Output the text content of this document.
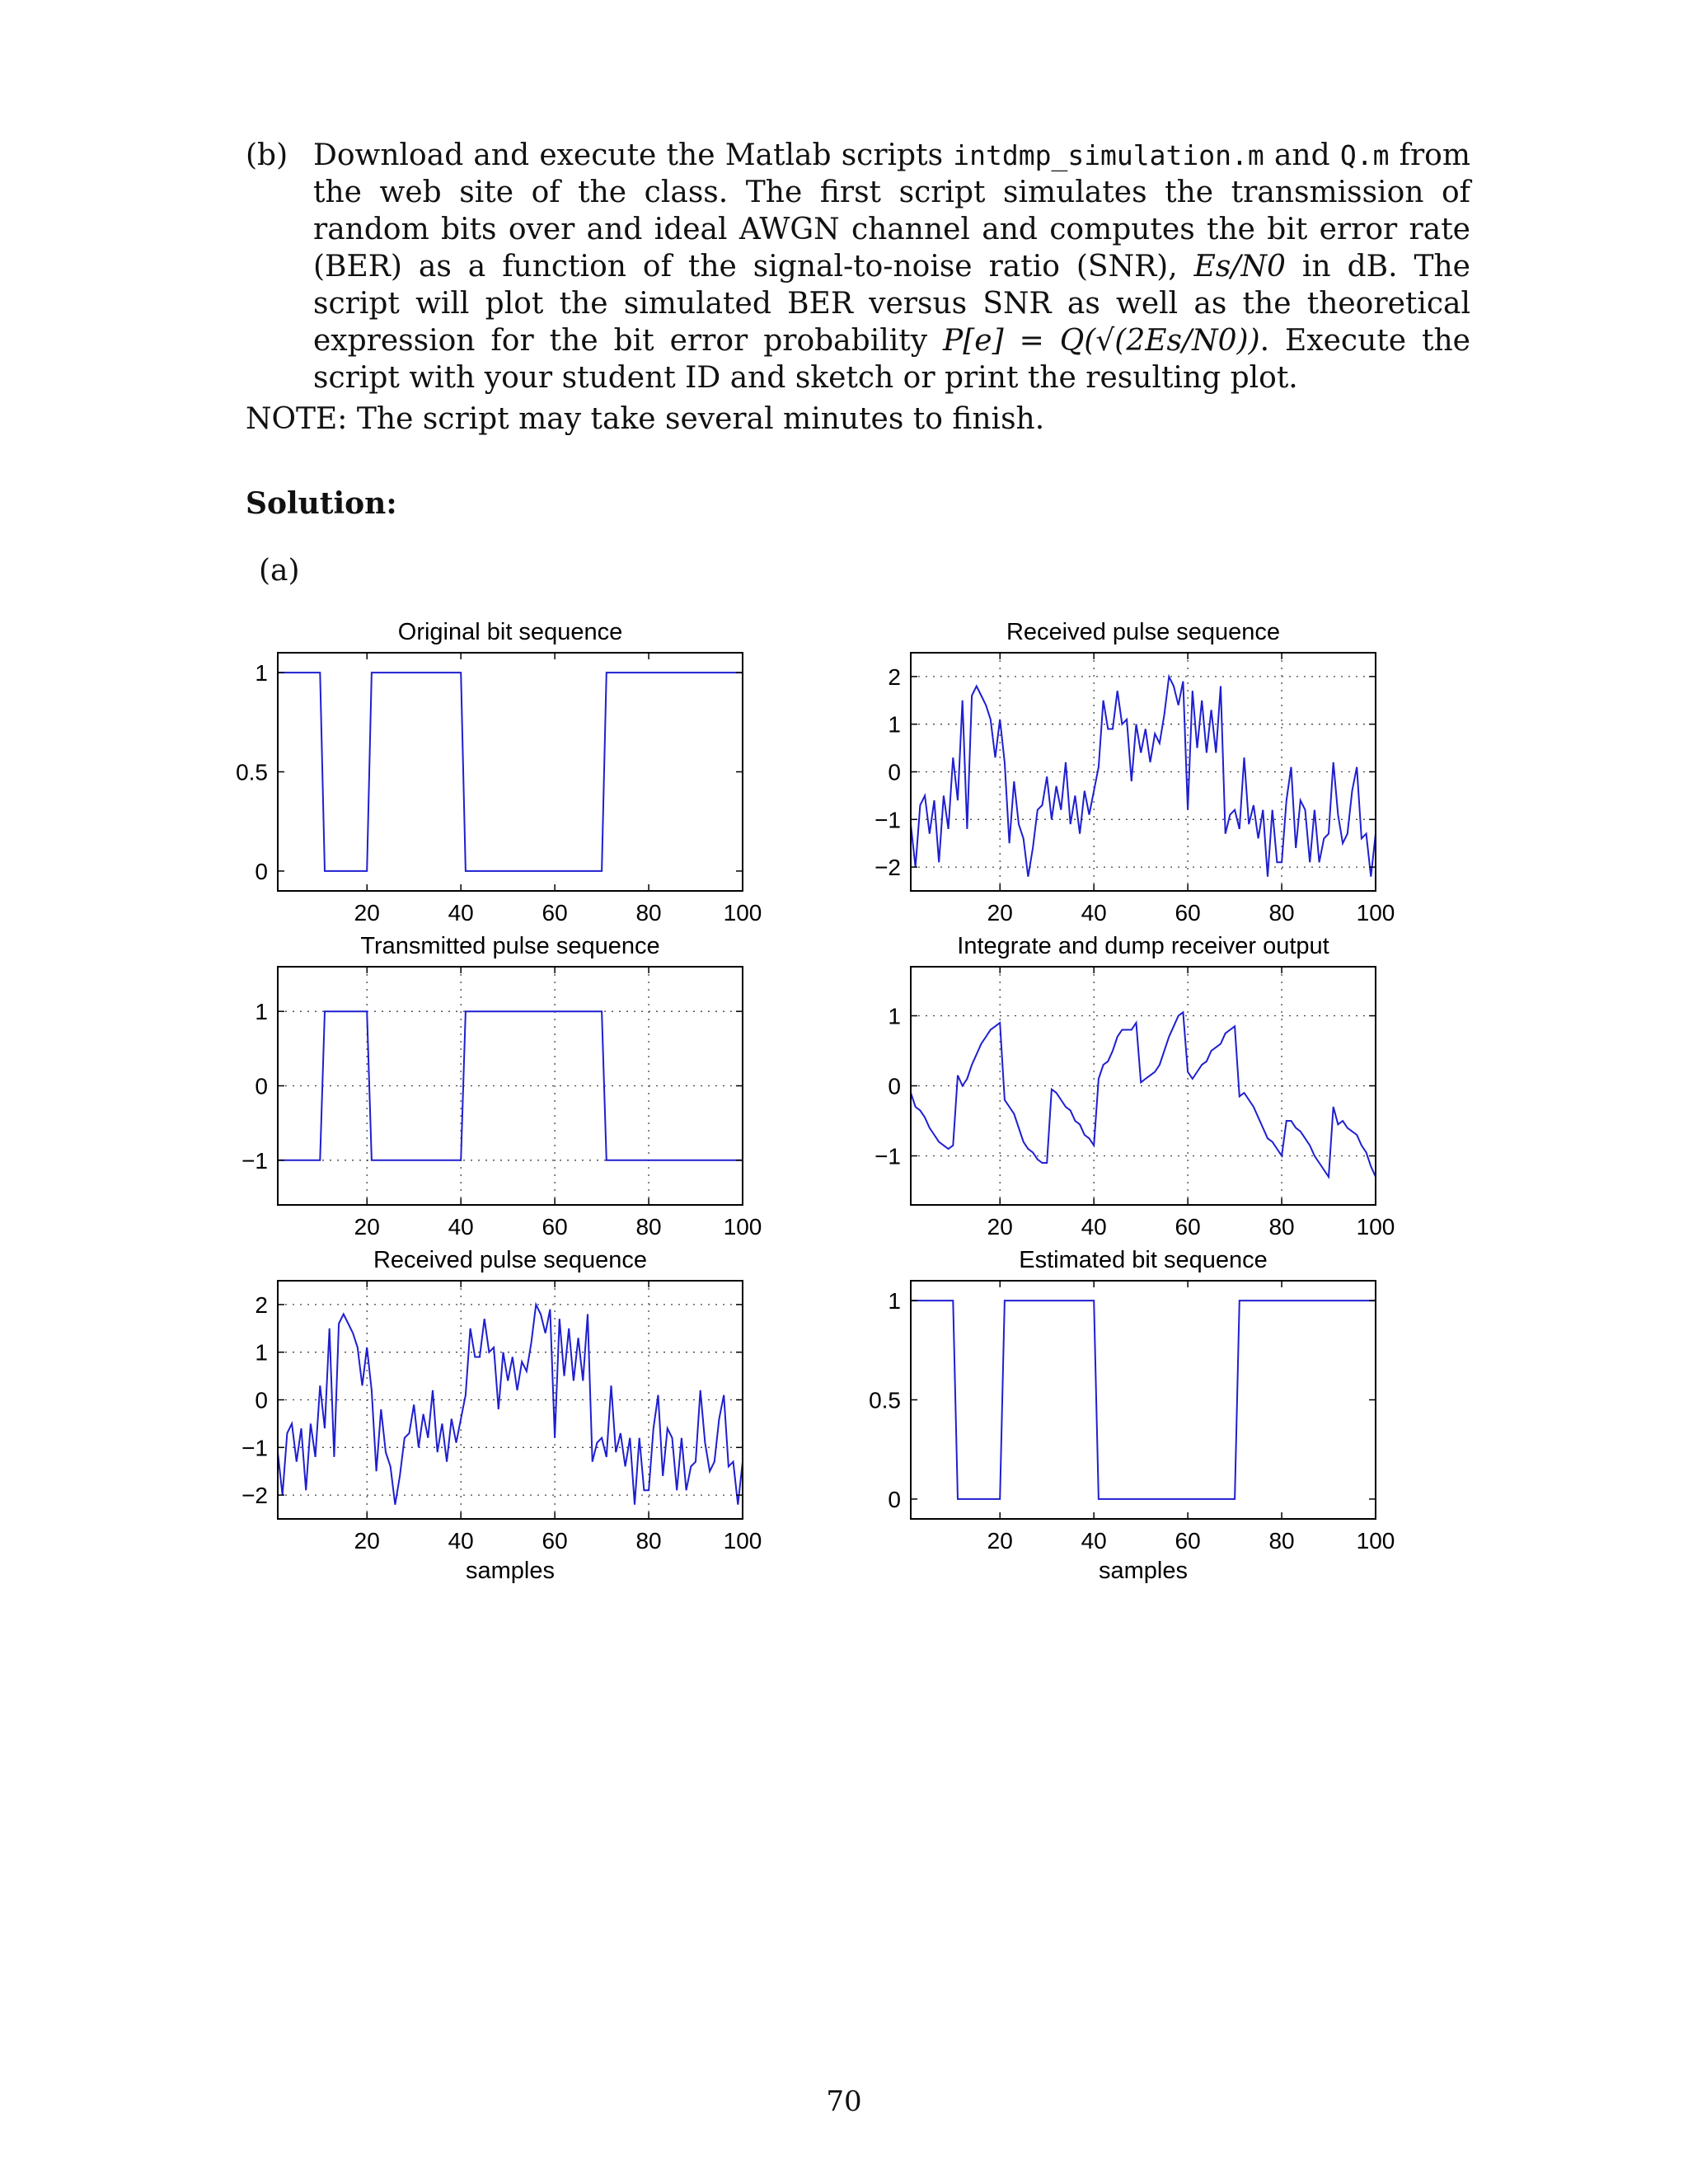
(b) Download and execute the Matlab scripts intdmp_simulation.m and Q.m from the web site of the class. The first script simulates the transmission of random bits over and ideal AWGN channel and computes the bit error rate (BER) as a function of the signal-to-noise ratio (SNR), Es/N0 in dB. The script will plot the simulated BER versus SNR as well as the theoretical expression for the bit error probability P[e] = Q(√(2Es/N0)). Execute the script with your student ID and sketch or print the resulting plot.
NOTE: The script may take several minutes to finish.
Solution:
(a)
20	40	60	80	100
0
0.5
1
Original bit sequence
20	40	60	80	100
−2
−1
0
1
2
Received pulse sequence
20	40	60	80	100
−1
0
1
Transmitted pulse sequence
20	40	60	80	100
−1
0
1
Integrate and dump receiver output
20	40	60	80	100
−2
−1
0
1
2
Received pulse sequence
samples
20	40	60	80	100
0
0.5
1
Estimated bit sequence
samples
70
